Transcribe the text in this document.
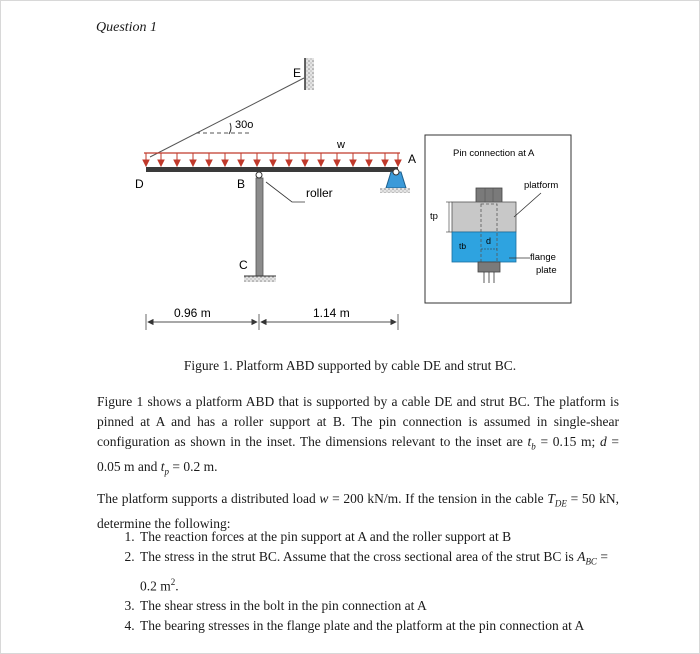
Question 1
E
30o
w
D
A
B
C
roller
0.96 m	1.14 m
Pin connection at A
tp
tb d
platform
flange
plate
Figure 1. Platform ABD supported by cable DE and strut BC.
Figure 1 shows a platform ABD that is supported by a cable DE and strut BC. The platform is pinned at A and has a roller support at B. The pin connection is assumed in single-shear configuration as shown in the inset. The dimensions relevant to the inset are $t_b = 0.15$ m; d = 0.05 m and $t_p = 0.2$ m.
The platform supports a distributed load w = 200 kN/m. If the tension in the cable $T_{DE} = 50$ kN, determine the following:
1. The reaction forces at the pin support at A and the roller support at B
2. The stress in the strut BC. Assume that the cross sectional area of the strut BC is $A_{BC} = 0.2$ $m^2$.
3. The shear stress in the bolt in the pin connection at A
4. The bearing stresses in the flange plate and the platform at the pin connection at A
